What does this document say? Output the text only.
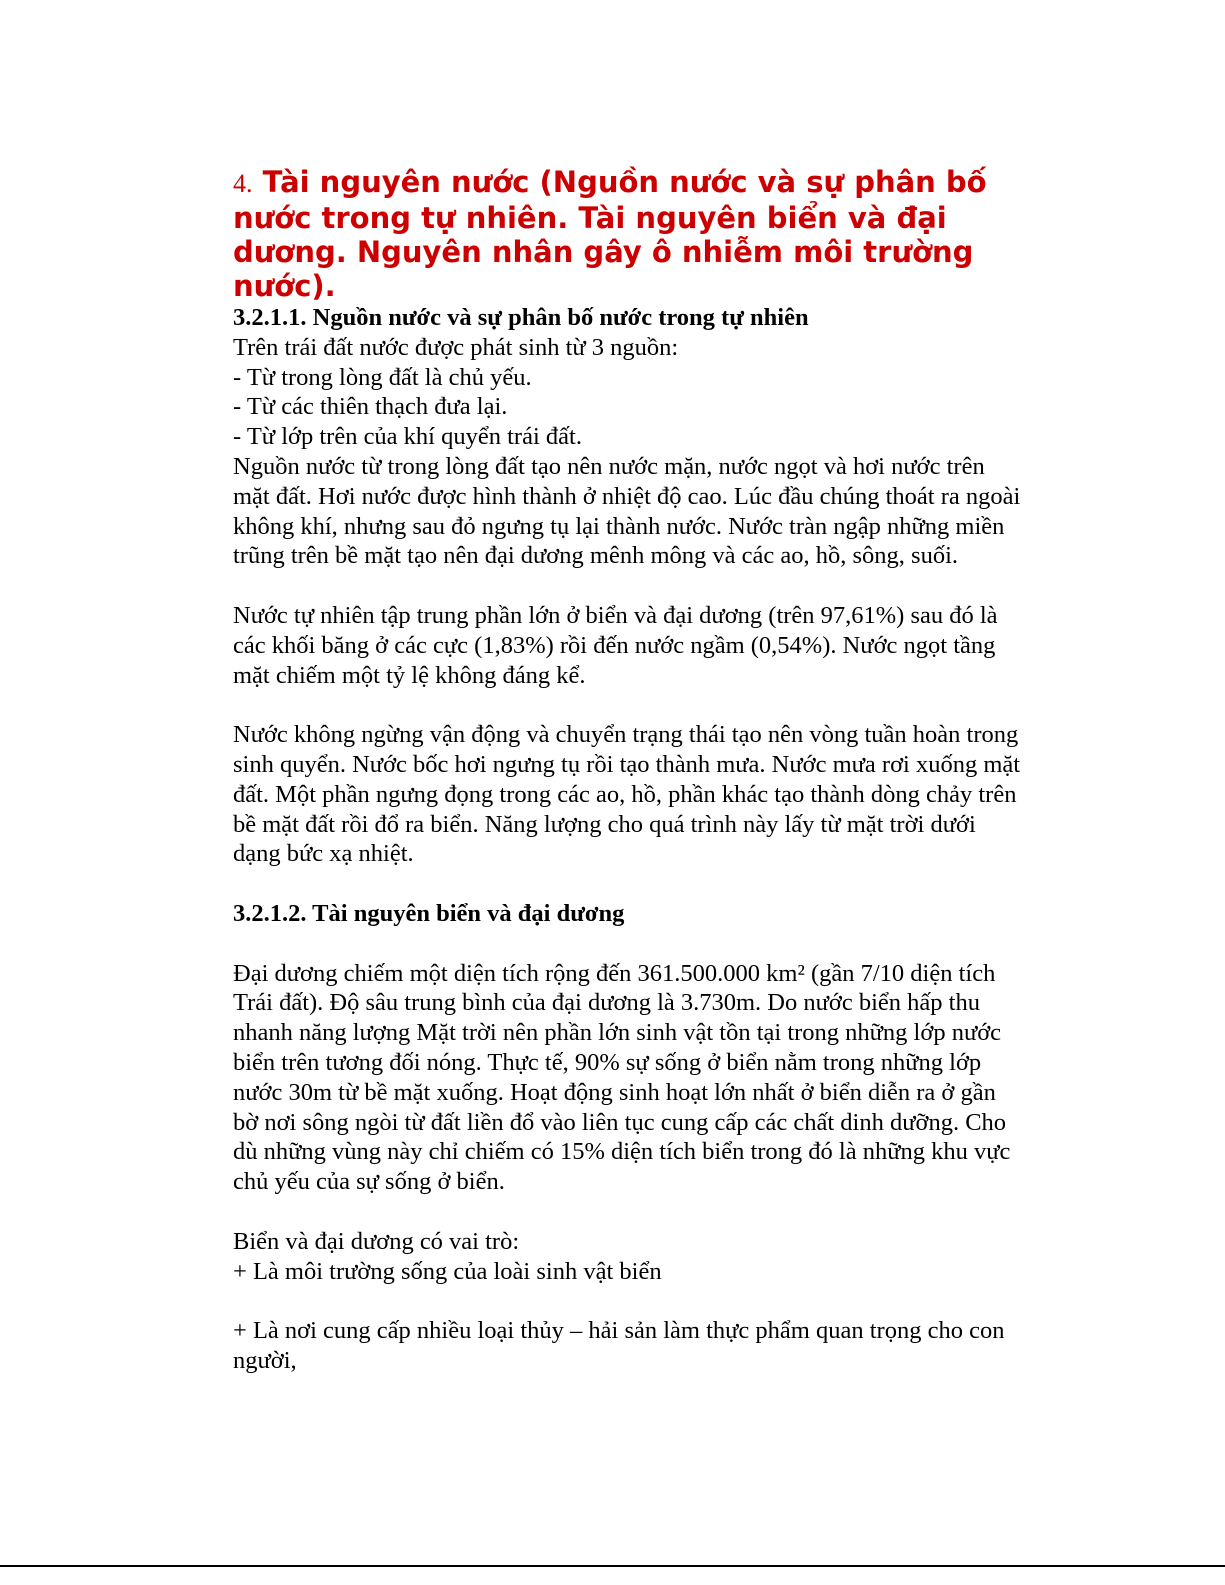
4. Tài nguyên nước (Nguồn nước và sự phân bố nước trong tự nhiên. Tài nguyên biển và đại dương. Nguyên nhân gây ô nhiễm môi trường nước).
3.2.1.1. Nguồn nước và sự phân bố nước trong tự nhiên

Trên trái đất nước được phát sinh từ 3 nguồn:

- Từ trong lòng đất là chủ yếu.

- Từ các thiên thạch đưa lại.

- Từ lớp trên của khí quyển trái đất.

Nguồn nước từ trong lòng đất tạo nên nước mặn, nước ngọt và hơi nước trên mặt đất. Hơi nước được hình thành ở nhiệt độ cao. Lúc đầu chúng thoát ra ngoài không khí, nhưng sau đỏ ngưng tụ lại thành nước. Nước tràn ngập những miền trũng trên bề mặt tạo nên đại dương mênh mông và các ao, hồ, sông, suối.

Nước tự nhiên tập trung phần lớn ở biển và đại dương (trên 97,61%) sau đó là các khối băng ở các cực (1,83%) rồi đến nước ngầm (0,54%). Nước ngọt tầng mặt chiếm một tỷ lệ không đáng kể.

Nước không ngừng vận động và chuyển trạng thái tạo nên vòng tuần hoàn trong sinh quyển. Nước bốc hơi ngưng tụ rồi tạo thành mưa. Nước mưa rơi xuống mặt đất. Một phần ngưng đọng trong các ao, hồ, phần khác tạo thành dòng chảy trên bề mặt đất rồi đổ ra biển. Năng lượng cho quá trình này lấy từ mặt trời dưới dạng bức xạ nhiệt.

3.2.1.2. Tài nguyên biển và đại dương

Đại dương chiếm một diện tích rộng đến 361.500.000 km² (gần 7/10 diện tích Trái đất). Độ sâu trung bình của đại dương là 3.730m. Do nước biển hấp thu nhanh năng lượng Mặt trời nên phần lớn sinh vật tồn tại trong những lớp nước biển trên tương đối nóng. Thực tế, 90% sự sống ở biển nằm trong những lớp nước 30m từ bề mặt xuống. Hoạt động sinh hoạt lớn nhất ở biển diễn ra ở gần bờ nơi sông ngòi từ đất liền đổ vào liên tục cung cấp các chất dinh dưỡng. Cho dù những vùng này chỉ chiếm có 15% diện tích biển trong đó là những khu vực chủ yếu của sự sống ở biển.

Biển và đại dương có vai trò:

+ Là môi trường sống của loài sinh vật biển

+ Là nơi cung cấp nhiều loại thủy – hải sản làm thực phẩm quan trọng cho con người,
